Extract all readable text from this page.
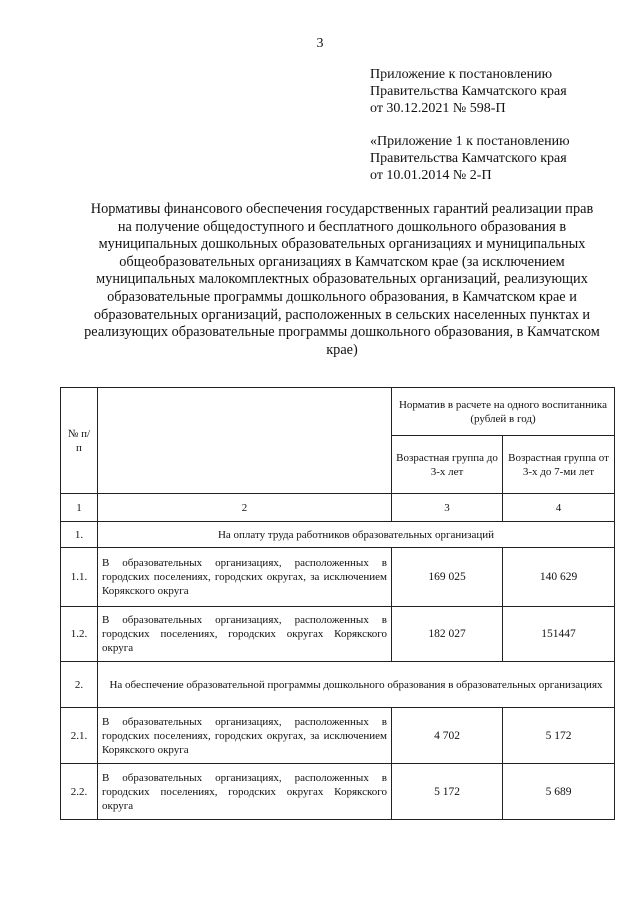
3
Приложение к постановлению
Правительства Камчатского края
от 30.12.2021 № 598-П
«Приложение 1 к постановлению
Правительства Камчатского края
от 10.01.2014 № 2-П
Нормативы финансового обеспечения государственных гарантий реализации прав
на получение общедоступного и бесплатного дошкольного образования в
муниципальных дошкольных образовательных организациях и муниципальных
общеобразовательных организациях в Камчатском крае (за исключением
муниципальных малокомплектных образовательных организаций, реализующих
образовательные программы дошкольного образования, в Камчатском крае и
образовательных организаций, расположенных в сельских населенных пунктах и
реализующих образовательные программы дошкольного образования, в Камчатском
крае)
№ п/п		Норматив в расчете на одного воспитанника (рублей в год)	
		Возрастная группа до 3-х лет	Возрастная группа от 3-х до 7-ми лет
1	2	3	4
1.	На оплату труда работников образовательных организаций		
1.1.	В образовательных организациях, расположенных в городских поселениях, городских округах, за исключением Корякского округа	169 025	140 629
1.2.	В образовательных организациях, расположенных в городских поселениях, городских округах Корякского округа	182 027	151447
2.	На обеспечение образовательной программы дошкольного образования в образовательных организациях		
2.1.	В образовательных организациях, расположенных в городских поселениях, городских округах, за исключением Корякского округа	4 702	5 172
2.2.	В образовательных организациях, расположенных в городских поселениях, городских округах Корякского округа	5 172	5 689
